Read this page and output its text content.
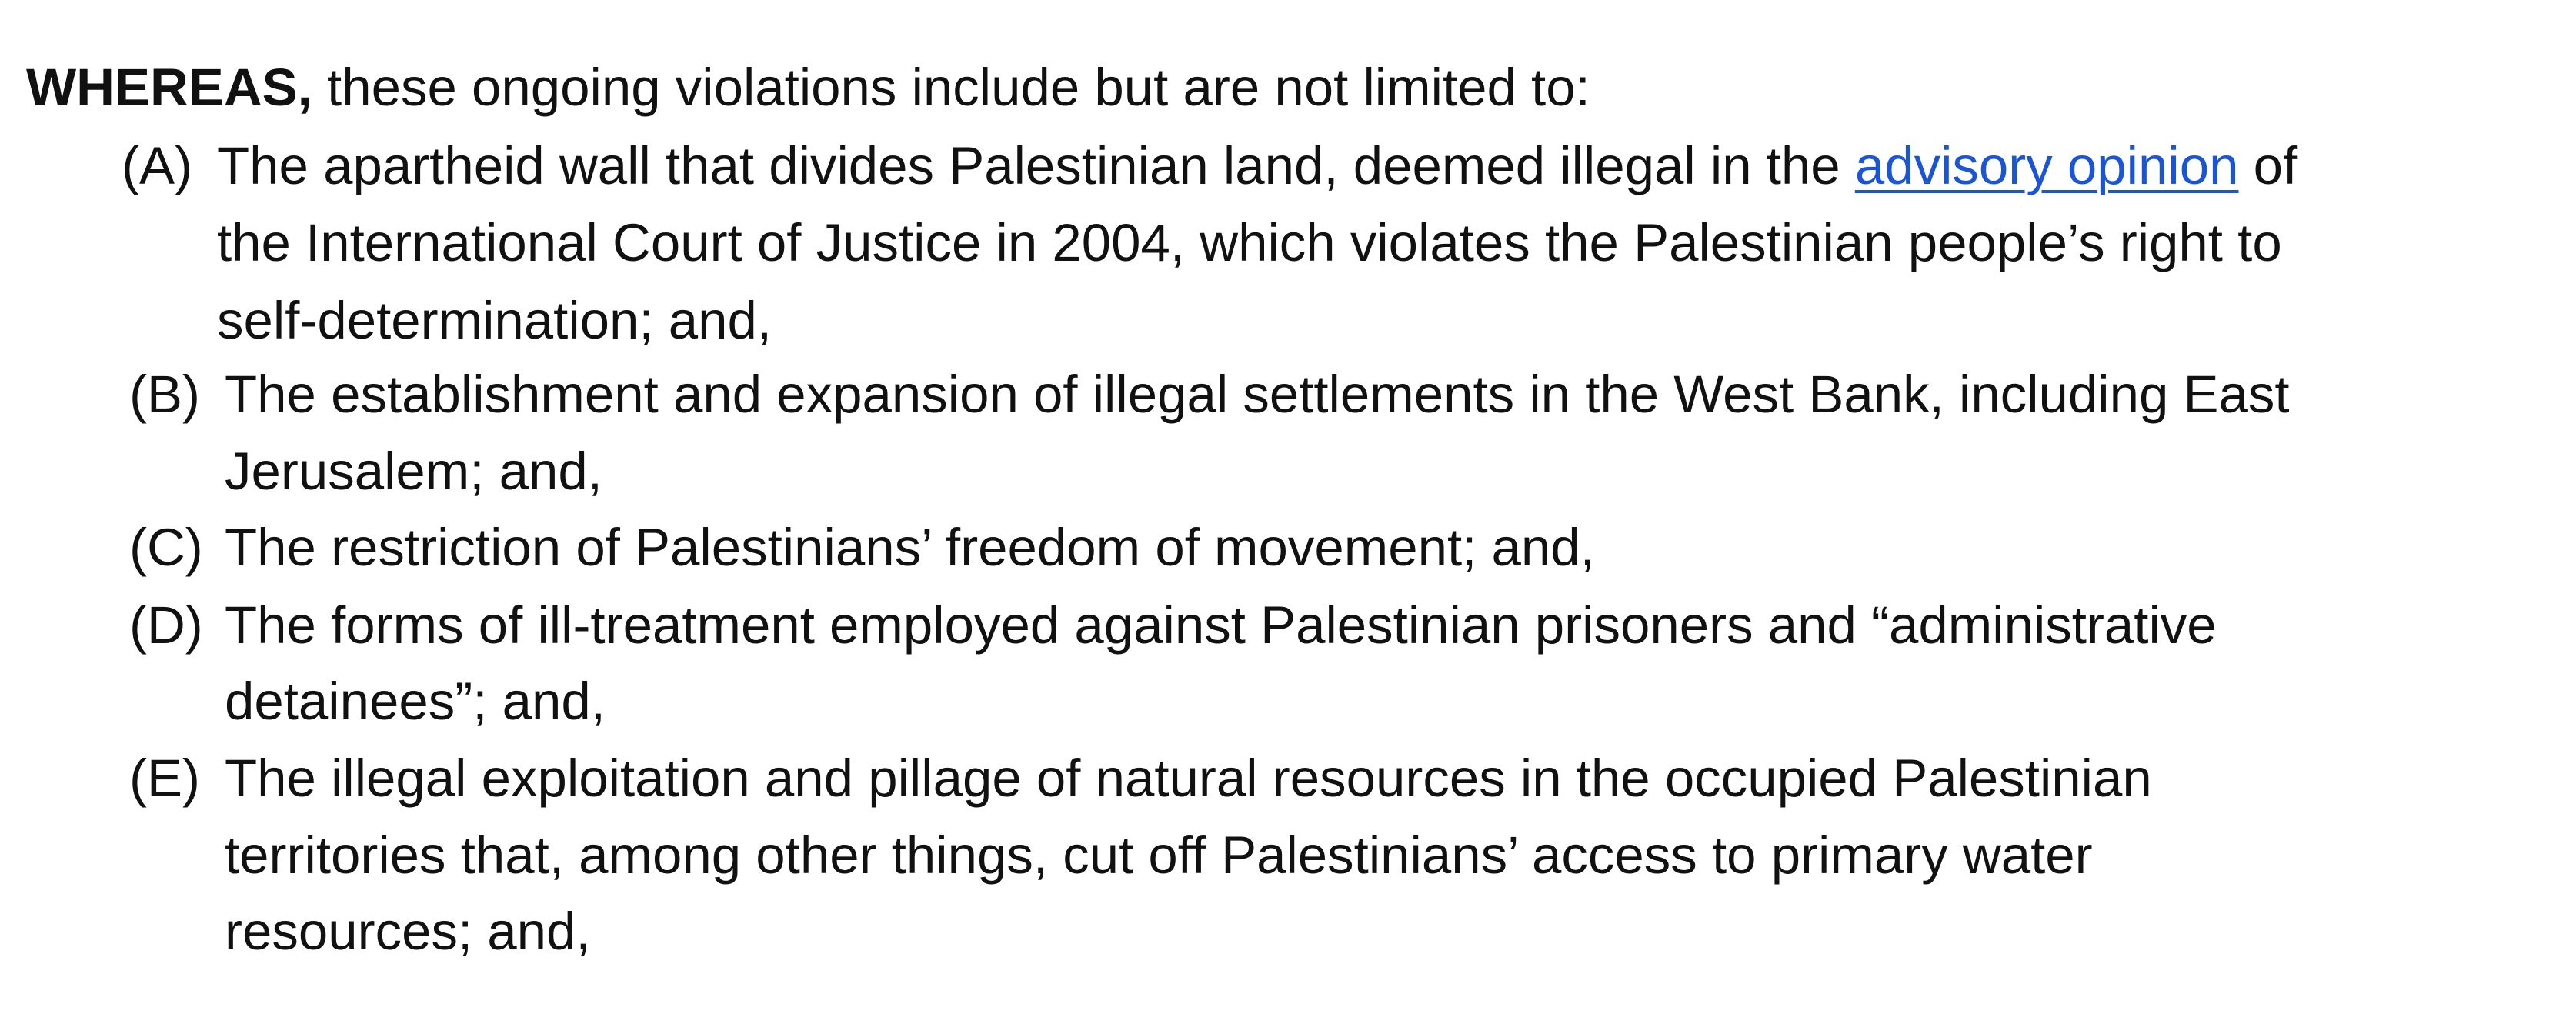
WHEREAS, these ongoing violations include but are not limited to:
(A) The apartheid wall that divides Palestinian land, deemed illegal in the advisory opinion of
the International Court of Justice in 2004, which violates the Palestinian people’s right to
self-determination; and,
(B) The establishment and expansion of illegal settlements in the West Bank, including East
Jerusalem; and,
(C) The restriction of Palestinians’ freedom of movement; and,
(D) The forms of ill-treatment employed against Palestinian prisoners and “administrative
detainees”; and,
(E) The illegal exploitation and pillage of natural resources in the occupied Palestinian
territories that, among other things, cut off Palestinians’ access to primary water
resources; and,
